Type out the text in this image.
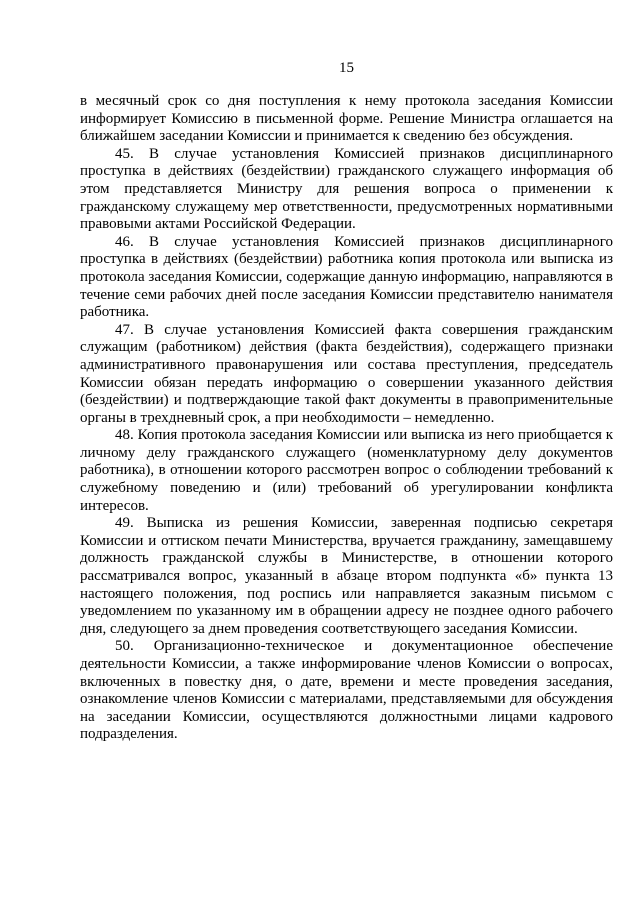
15

в месячный срок со дня поступления к нему протокола заседания Комиссии информирует Комиссию в письменной форме. Решение Министра оглашается на ближайшем заседании Комиссии и принимается к сведению без обсуждения.

45. В случае установления Комиссией признаков дисциплинарного проступка в действиях (бездействии) гражданского служащего информация об этом представляется Министру для решения вопроса о применении к гражданскому служащему мер ответственности, предусмотренных нормативными правовыми актами Российской Федерации.

46. В случае установления Комиссией признаков дисциплинарного проступка в действиях (бездействии) работника копия протокола или выписка из протокола заседания Комиссии, содержащие данную информацию, направляются в течение семи рабочих дней после заседания Комиссии представителю нанимателя работника.

47. В случае установления Комиссией факта совершения гражданским служащим (работником) действия (факта бездействия), содержащего признаки административного правонарушения или состава преступления, председатель Комиссии обязан передать информацию о совершении указанного действия (бездействии) и подтверждающие такой факт документы в правоприменительные органы в трехдневный срок, а при необходимости – немедленно.

48. Копия протокола заседания Комиссии или выписка из него приобщается к личному делу гражданского служащего (номенклатурному делу документов работника), в отношении которого рассмотрен вопрос о соблюдении требований к служебному поведению и (или) требований об урегулировании конфликта интересов.

49. Выписка из решения Комиссии, заверенная подписью секретаря Комиссии и оттиском печати Министерства, вручается гражданину, замещавшему должность гражданской службы в Министерстве, в отношении которого рассматривался вопрос, указанный в абзаце втором подпункта «б» пункта 13 настоящего положения, под роспись или направляется заказным письмом с уведомлением по указанному им в обращении адресу не позднее одного рабочего дня, следующего за днем проведения соответствующего заседания Комиссии.

50. Организационно-техническое и документационное обеспечение деятельности Комиссии, а также информирование членов Комиссии о вопросах, включенных в повестку дня, о дате, времени и месте проведения заседания, ознакомление членов Комиссии с материалами, представляемыми для обсуждения на заседании Комиссии, осуществляются должностными лицами кадрового подразделения.
